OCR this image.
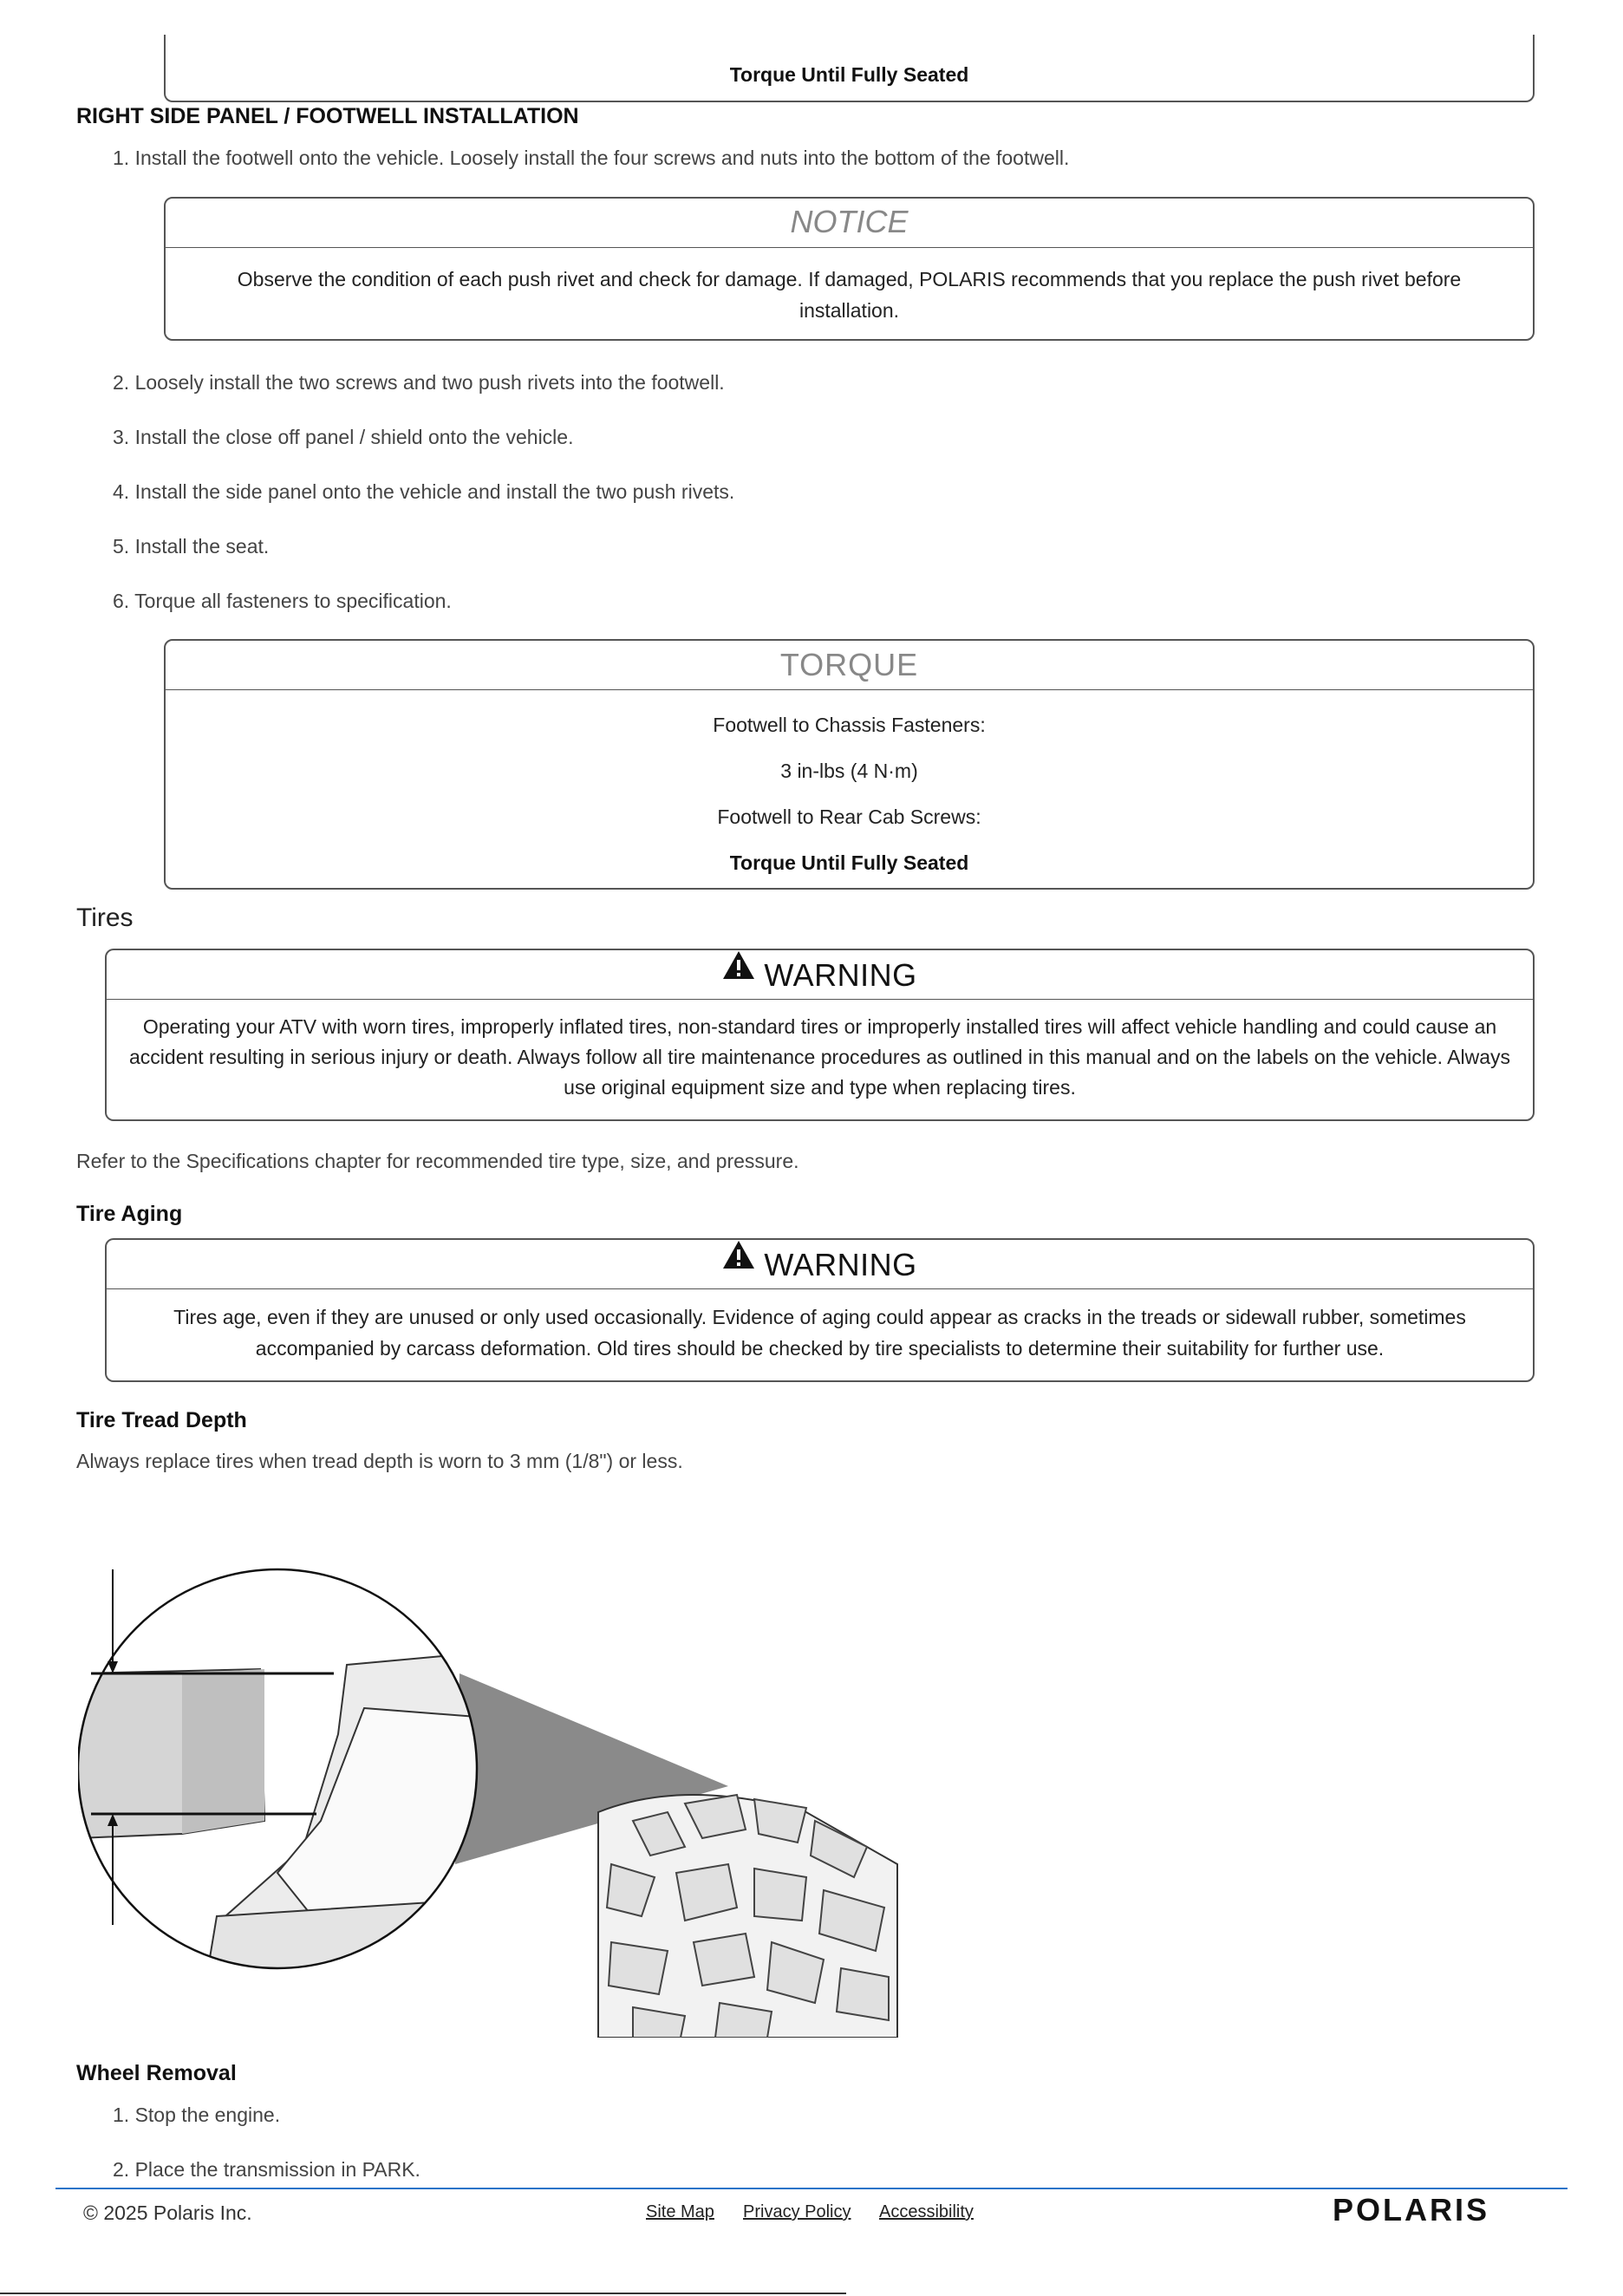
Torque Until Fully Seated
RIGHT SIDE PANEL / FOOTWELL INSTALLATION
1. Install the footwell onto the vehicle. Loosely install the four screws and nuts into the bottom of the footwell.
NOTICE
Observe the condition of each push rivet and check for damage. If damaged, POLARIS recommends that you replace the push rivet before installation.
2. Loosely install the two screws and two push rivets into the footwell.
3. Install the close off panel / shield onto the vehicle.
4. Install the side panel onto the vehicle and install the two push rivets.
5. Install the seat.
6. Torque all fasteners to specification.
TORQUE
Footwell to Chassis Fasteners:
3 in-lbs (4 N·m)
Footwell to Rear Cab Screws:
Torque Until Fully Seated
Tires
WARNING
Operating your ATV with worn tires, improperly inflated tires, non-standard tires or improperly installed tires will affect vehicle handling and could cause an accident resulting in serious injury or death. Always follow all tire maintenance procedures as outlined in this manual and on the labels on the vehicle. Always use original equipment size and type when replacing tires.
Refer to the Specifications chapter for recommended tire type, size, and pressure.
Tire Aging
WARNING
Tires age, even if they are unused or only used occasionally. Evidence of aging could appear as cracks in the treads or sidewall rubber, sometimes accompanied by carcass deformation. Old tires should be checked by tire specialists to determine their suitability for further use.
Tire Tread Depth
Always replace tires when tread depth is worn to 3 mm (1/8") or less.
Wheel Removal
1. Stop the engine.
2. Place the transmission in PARK.
© 2025 Polaris Inc.	Site Map Privacy Policy Accessibility	POLARIS
